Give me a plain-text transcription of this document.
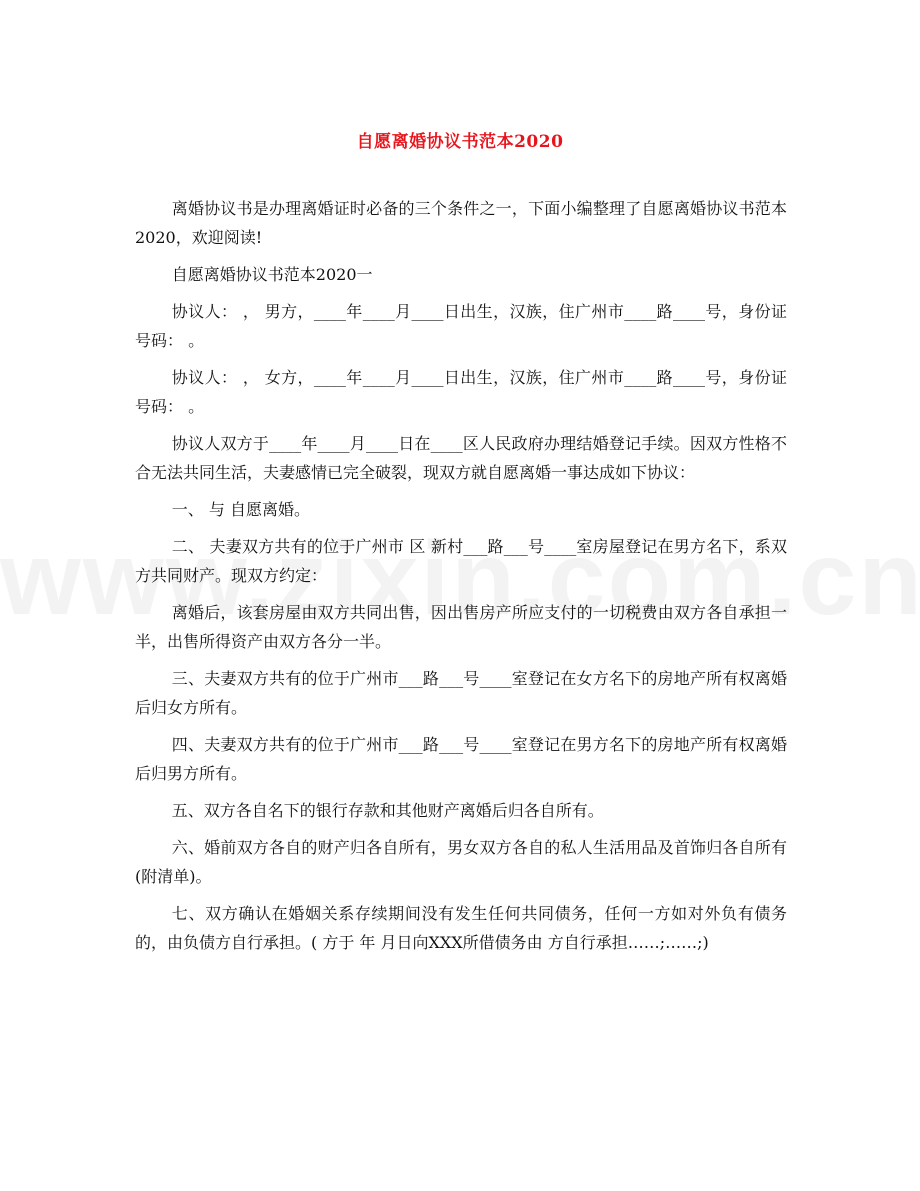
自愿离婚协议书范本2020

离婚协议书是办理离婚证时必备的三个条件之一，下面小编整理了自愿离婚协议书范本2020，欢迎阅读!

自愿离婚协议书范本2020一

协议人： ， 男方，____年____月____日出生，汉族，住广州市____路____号，身份证号码： 。

协议人： ， 女方，____年____月____日出生，汉族，住广州市____路____号，身份证号码： 。

协议人双方于____年____月____日在____区人民政府办理结婚登记手续。因双方性格不合无法共同生活，夫妻感情已完全破裂，现双方就自愿离婚一事达成如下协议：

一、 与 自愿离婚。

二、 夫妻双方共有的位于广州市 区 新村___路___号____室房屋登记在男方名下，系双方共同财产。现双方约定：

离婚后，该套房屋由双方共同出售，因出售房产所应支付的一切税费由双方各自承担一半，出售所得资产由双方各分一半。

三、夫妻双方共有的位于广州市___路___号____室登记在女方名下的房地产所有权离婚后归女方所有。

四、夫妻双方共有的位于广州市___路___号____室登记在男方名下的房地产所有权离婚后归男方所有。

五、双方各自名下的银行存款和其他财产离婚后归各自所有。

六、婚前双方各自的财产归各自所有，男女双方各自的私人生活用品及首饰归各自所有(附清单)。

七、双方确认在婚姻关系存续期间没有发生任何共同债务，任何一方如对外负有债务的，由负债方自行承担。( 方于 年 月日向XXX所借债务由 方自行承担……;……;)
